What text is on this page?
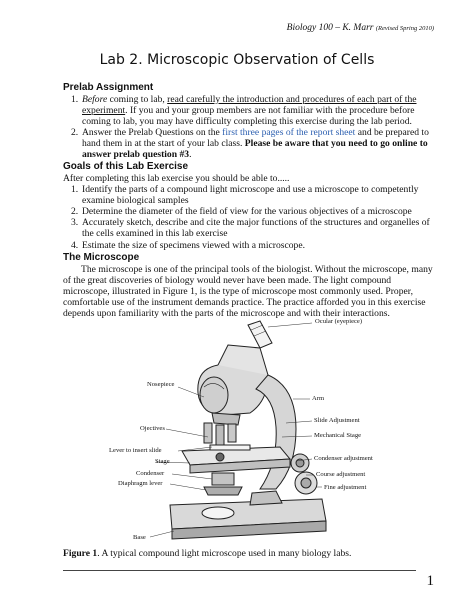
Biology 100 – K. Marr (Revised Spring 2010)
Lab 2. Microscopic Observation of Cells
Prelab Assignment
1. Before coming to lab, read carefully the introduction and procedures of each part of the experiment. If you and your group members are not familiar with the procedure before coming to lab, you may have difficulty completing this exercise during the lab period.
2. Answer the Prelab Questions on the first three pages of the report sheet and be prepared to hand them in at the start of your lab class. Please be aware that you need to go online to answer prelab question #3.
Goals of this Lab Exercise
After completing this lab exercise you should be able to.....
1. Identify the parts of a compound light microscope and use a microscope to competently examine biological samples
2. Determine the diameter of the field of view for the various objectives of a microscope
3. Accurately sketch, describe and cite the major functions of the structures and organelles of the cells examined in this lab exercise
4. Estimate the size of specimens viewed with a microscope.
The Microscope
The microscope is one of the principal tools of the biologist. Without the microscope, many of the great discoveries of biology would never have been made. The light compound microscope, illustrated in Figure 1, is the type of microscope most commonly used. Proper, comfortable use of the instrument demands practice. The practice afforded you in this exercise depends upon familiarity with the parts of the microscope and with their interactions.
Ocular (eyepiece)
Nosepiece
Arm
Slide Adjustment
Mechanical Stage
Ojectives
Lever to insert slide
Stage	Condenser adjustment
Condenser	Course adjustment
Diaphragm lever
Fine adjustment
Base
Figure 1. A typical compound light microscope used in many biology labs.
1
